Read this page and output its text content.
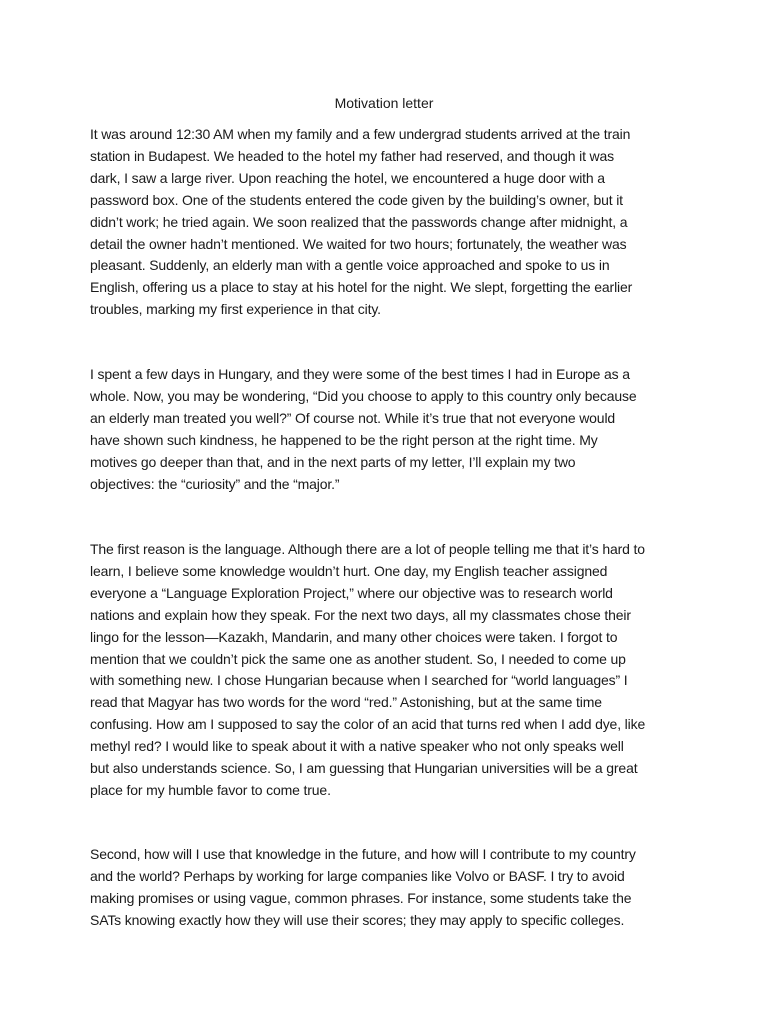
Motivation letter

It was around 12:30 AM when my family and a few undergrad students arrived at the train
station in Budapest. We headed to the hotel my father had reserved, and though it was
dark, I saw a large river. Upon reaching the hotel, we encountered a huge door with a
password box. One of the students entered the code given by the building’s owner, but it
didn’t work; he tried again. We soon realized that the passwords change after midnight, a
detail the owner hadn’t mentioned. We waited for two hours; fortunately, the weather was
pleasant. Suddenly, an elderly man with a gentle voice approached and spoke to us in
English, offering us a place to stay at his hotel for the night. We slept, forgetting the earlier
troubles, marking my first experience in that city.

I spent a few days in Hungary, and they were some of the best times I had in Europe as a
whole. Now, you may be wondering, “Did you choose to apply to this country only because
an elderly man treated you well?” Of course not. While it’s true that not everyone would
have shown such kindness, he happened to be the right person at the right time. My
motives go deeper than that, and in the next parts of my letter, I’ll explain my two
objectives: the “curiosity” and the “major.”

The first reason is the language. Although there are a lot of people telling me that it’s hard to
learn, I believe some knowledge wouldn’t hurt. One day, my English teacher assigned
everyone a “Language Exploration Project,” where our objective was to research world
nations and explain how they speak. For the next two days, all my classmates chose their
lingo for the lesson—Kazakh, Mandarin, and many other choices were taken. I forgot to
mention that we couldn’t pick the same one as another student. So, I needed to come up
with something new. I chose Hungarian because when I searched for “world languages” I
read that Magyar has two words for the word “red.” Astonishing, but at the same time
confusing. How am I supposed to say the color of an acid that turns red when I add dye, like
methyl red? I would like to speak about it with a native speaker who not only speaks well
but also understands science. So, I am guessing that Hungarian universities will be a great
place for my humble favor to come true.

Second, how will I use that knowledge in the future, and how will I contribute to my country
and the world? Perhaps by working for large companies like Volvo or BASF. I try to avoid
making promises or using vague, common phrases. For instance, some students take the
SATs knowing exactly how they will use their scores; they may apply to specific colleges.
